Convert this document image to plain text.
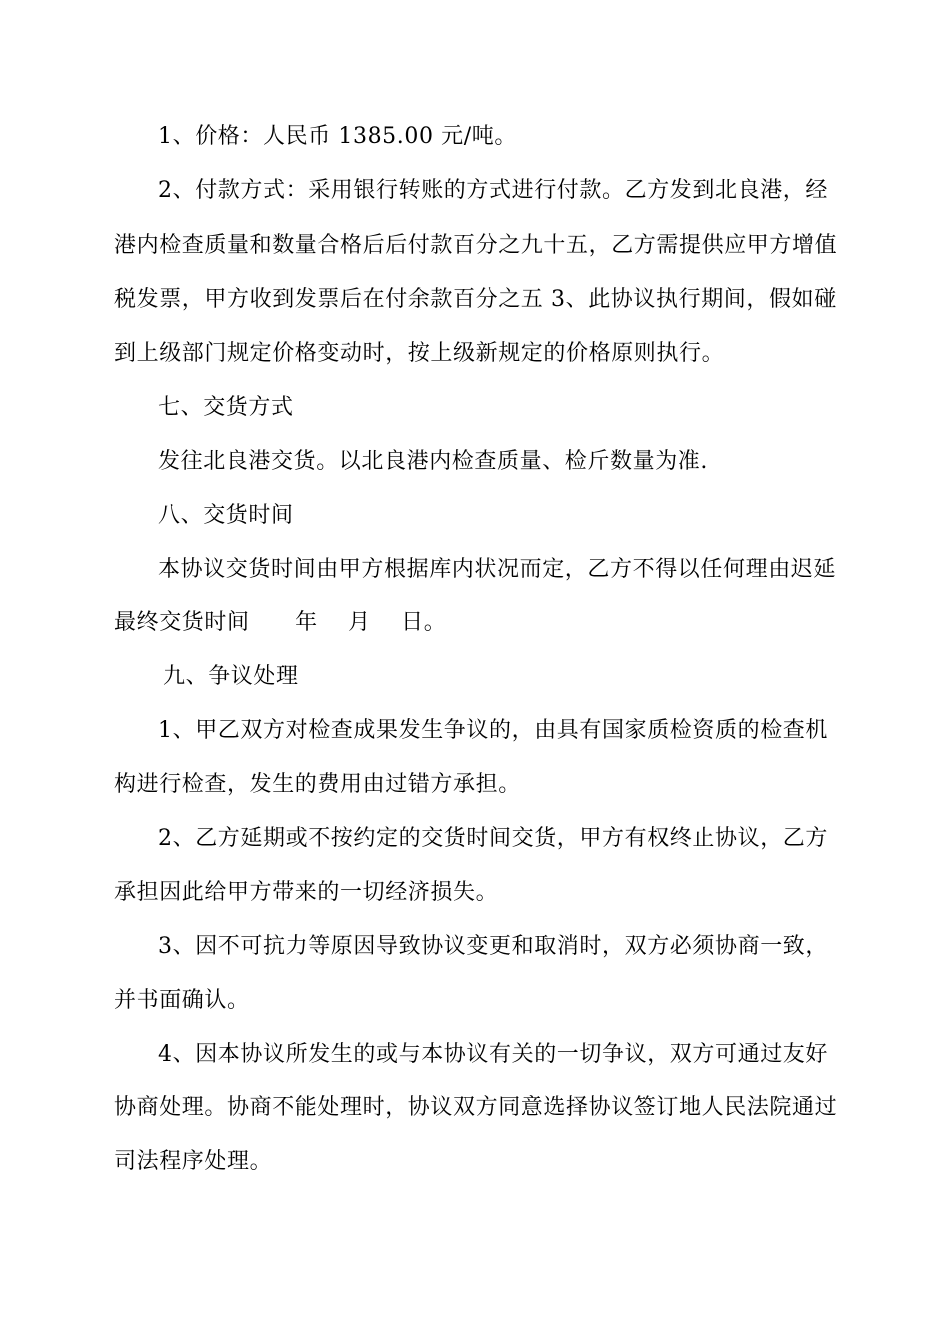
1、价格：人民币 1385.00 元/吨。
2、付款方式：采用银行转账的方式进行付款。乙方发到北良港，经
港内检查质量和数量合格后后付款百分之九十五，乙方需提供应甲方增值
税发票，甲方收到发票后在付余款百分之五 3、此协议执行期间，假如碰
到上级部门规定价格变动时，按上级新规定的价格原则执行。
七、交货方式
发往北良港交货。以北良港内检查质量、检斤数量为准.
八、交货时间
本协议交货时间由甲方根据库内状况而定，乙方不得以任何理由迟延
最终交货时间      年    月    日。
九、争议处理
1、甲乙双方对检查成果发生争议的，由具有国家质检资质的检查机
构进行检查，发生的费用由过错方承担。
2、乙方延期或不按约定的交货时间交货，甲方有权终止协议，乙方
承担因此给甲方带来的一切经济损失。
3、因不可抗力等原因导致协议变更和取消时，双方必须协商一致，
并书面确认。
4、因本协议所发生的或与本协议有关的一切争议，双方可通过友好
协商处理。协商不能处理时，协议双方同意选择协议签订地人民法院通过
司法程序处理。
